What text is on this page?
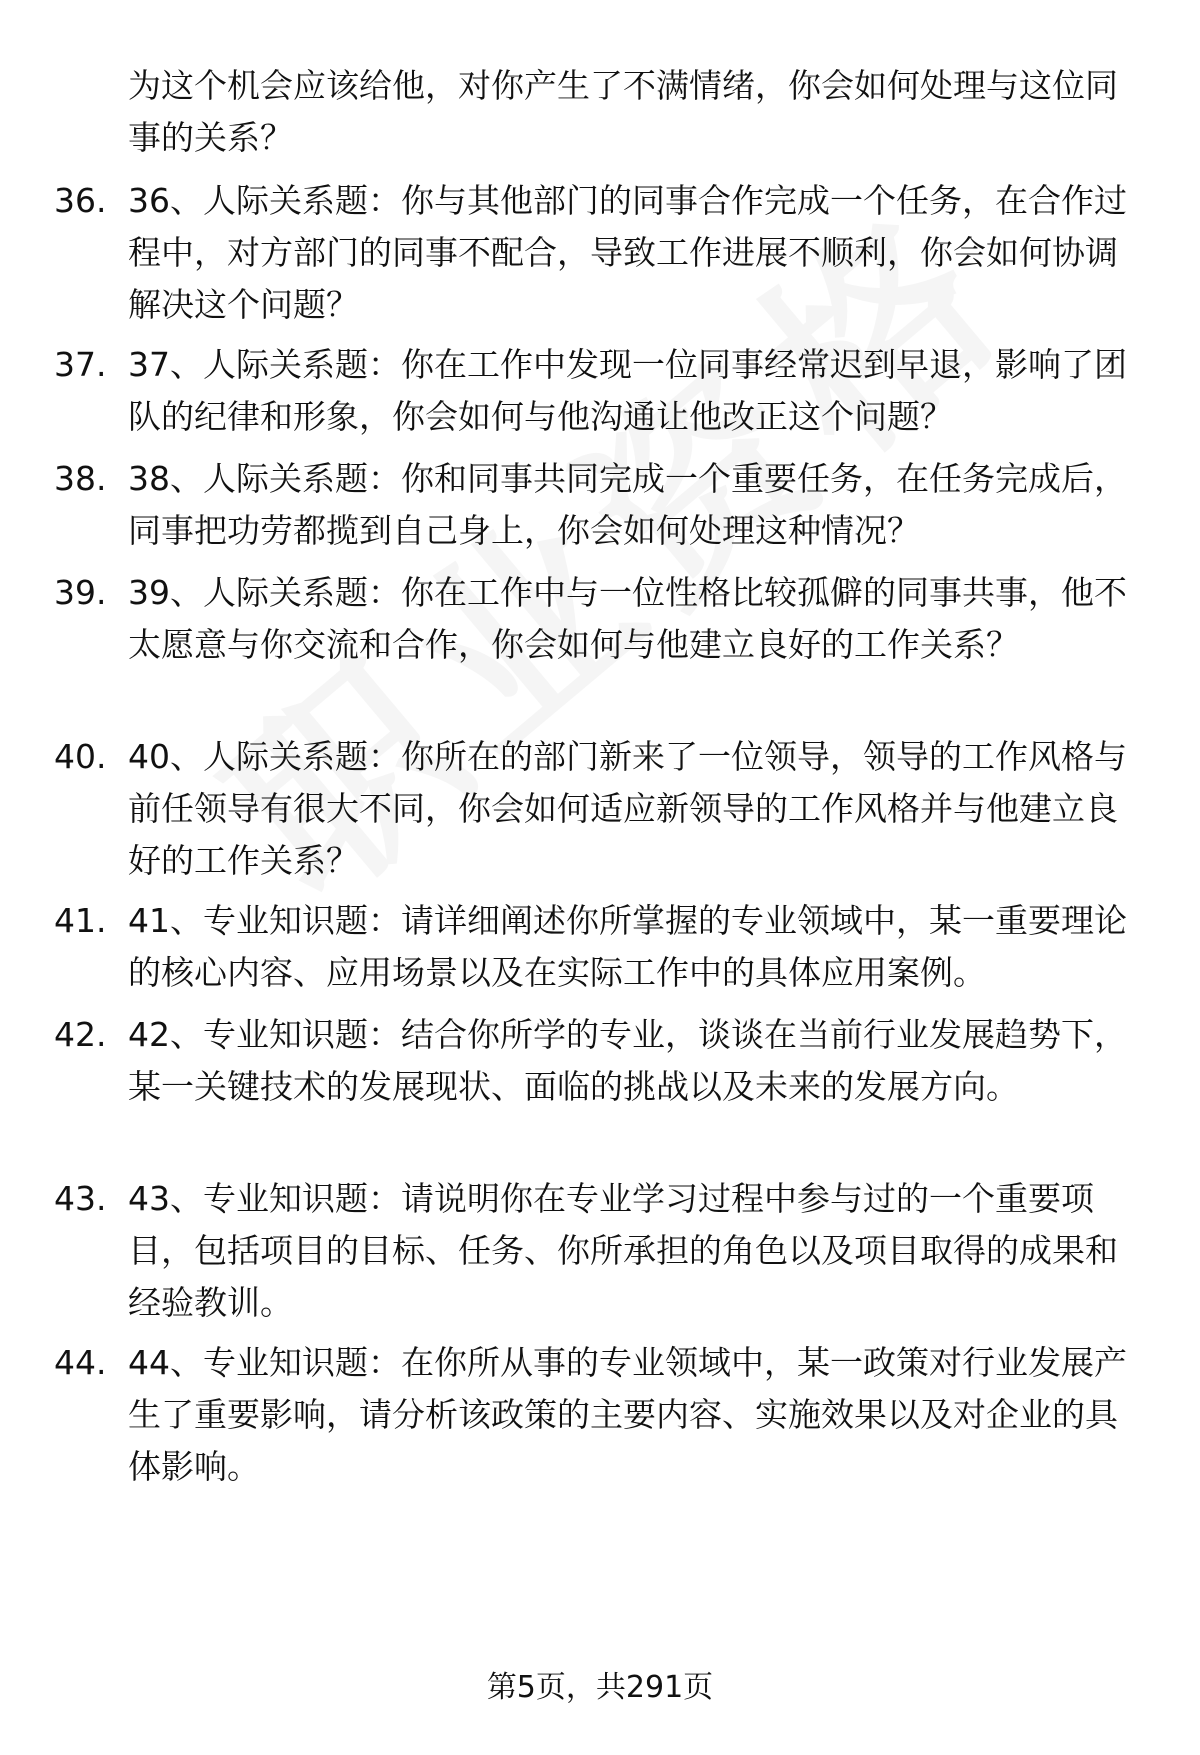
为这个机会应该给他，对你产生了不满情绪，你会如何处理与这位同事的关系？
36. 36、人际关系题：你与其他部门的同事合作完成一个任务，在合作过程中，对方部门的同事不配合，导致工作进展不顺利，你会如何协调解决这个问题？
37. 37、人际关系题：你在工作中发现一位同事经常迟到早退，影响了团队的纪律和形象，你会如何与他沟通让他改正这个问题？
38. 38、人际关系题：你和同事共同完成一个重要任务，在任务完成后，同事把功劳都揽到自己身上，你会如何处理这种情况？
39. 39、人际关系题：你在工作中与一位性格比较孤僻的同事共事，他不太愿意与你交流和合作，你会如何与他建立良好的工作关系？
40. 40、人际关系题：你所在的部门新来了一位领导，领导的工作风格与前任领导有很大不同，你会如何适应新领导的工作风格并与他建立良好的工作关系？
41. 41、专业知识题：请详细阐述你所掌握的专业领域中，某一重要理论的核心内容、应用场景以及在实际工作中的具体应用案例。
42. 42、专业知识题：结合你所学的专业，谈谈在当前行业发展趋势下，某一关键技术的发展现状、面临的挑战以及未来的发展方向。
43. 43、专业知识题：请说明你在专业学习过程中参与过的一个重要项目，包括项目的目标、任务、你所承担的角色以及项目取得的成果和经验教训。
44. 44、专业知识题：在你所从事的专业领域中，某一政策对行业发展产生了重要影响，请分析该政策的主要内容、实施效果以及对企业的具体影响。
第5页，共291页
